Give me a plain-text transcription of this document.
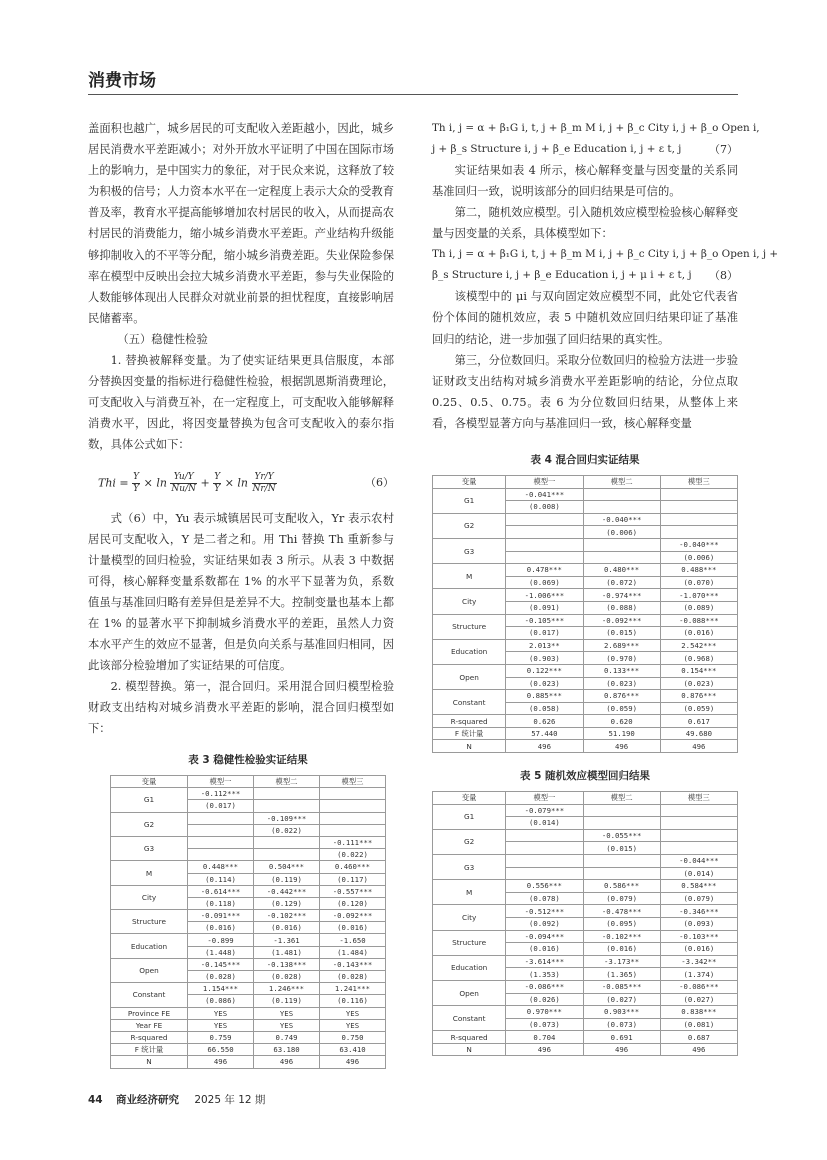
消费市场

盖面积也越广，城乡居民的可支配收入差距越小，因此，城乡居民消费水平差距减小；对外开放水平证明了中国在国际市场上的影响力，是中国实力的象征，对于民众来说，这释放了较为积极的信号；人力资本水平在一定程度上表示大众的受教育普及率，教育水平提高能够增加农村居民的收入，从而提高农村居民的消费能力，缩小城乡消费水平差距。产业结构升级能够抑制收入的不平等分配，缩小城乡消费差距。失业保险参保率在模型中反映出会拉大城乡消费水平差距，参与失业保险的人数能够体现出人民群众对就业前景的担忧程度，直接影响居民储蓄率。

（五）稳健性检验

1. 替换被解释变量。为了使实证结果更具信服度，本部分替换因变量的指标进行稳健性检验，根据凯恩斯消费理论，可支配收入与消费互补，在一定程度上，可支配收入能够解释消费水平，因此，将因变量替换为包含可支配收入的泰尔指数，具体公式如下：

Thi = $\frac{Y}{Y} \times \ln \frac{Yu/Y}{Nu/N} + \frac{Y}{Y} \times \ln \frac{Yr/Y}{Nr/N}$	（6）

式（6）中，Yu 表示城镇居民可支配收入，Yr 表示农村居民可支配收入，Y 是二者之和。用 Thi 替换 Th 重新参与计量模型的回归检验，实证结果如表 3 所示。从表 3 中数据可得，核心解释变量系数都在 1% 的水平下显著为负，系数值虽与基准回归略有差异但是差异不大。控制变量也基本上都在 1% 的显著水平下抑制城乡消费水平的差距，虽然人力资本水平产生的效应不显著，但是负向关系与基准回归相同，因此该部分检验增加了实证结果的可信度。

2. 模型替换。第一，混合回归。采用混合回归模型检验财政支出结构对城乡消费水平差距的影响，混合回归模型如下：

表 3 稳健性检验实证结果
变量	模型一	模型二	模型三
G1	-0.112***		
	(0.017)		
G2		-0.109***	
		(0.022)	
G3			-0.111***
			(0.022)
M	0.448***	0.504***	0.460***
	(0.114)	(0.119)	(0.117)
City	-0.614***	-0.442***	-0.557***
	(0.118)	(0.129)	(0.120)
Structure	-0.091***	-0.102***	-0.092***
	(0.016)	(0.016)	(0.016)
Education	-0.899	-1.361	-1.650
	(1.448)	(1.481)	(1.484)
Open	-0.145***	-0.138***	-0.143***
	(0.028)	(0.028)	(0.028)
Constant	1.154***	1.246***	1.241***
	(0.086)	(0.119)	(0.116)
Province FE	YES	YES	YES
Year FE	YES	YES	YES
R-squared	0.759	0.749	0.750
F 统计量	66.550	63.180	63.410
N	496	496	496
Th i, j = α + β₁G i, t, j + β_m M i, j + β_c City i, j + β_o Open i,
j + β_s Structure i, j + β_e Education i, j + ε t, j	（7）

实证结果如表 4 所示，核心解释变量与因变量的关系同基准回归一致，说明该部分的回归结果是可信的。

第二，随机效应模型。引入随机效应模型检验核心解释变量与因变量的关系，具体模型如下：

Th i, j = α + β₁G i, t, j + β_m M i, j + β_c City i, j + β_o Open i, j +
β_s Structure i, j + β_e Education i, j + μ i + ε t, j	（8）

该模型中的 μi 与双向固定效应模型不同，此处它代表省份个体间的随机效应，表 5 中随机效应回归结果印证了基准回归的结论，进一步加强了回归结果的真实性。

第三，分位数回归。采取分位数回归的检验方法进一步验证财政支出结构对城乡消费水平差距影响的结论，分位点取 0.25、0.5、0.75。表 6 为分位数回归结果，从整体上来看，各模型显著方向与基准回归一致，核心解释变量

表 4 混合回归实证结果
变量	模型一	模型二	模型三
G1	-0.041***		
	(0.008)		
G2		-0.040***	
		(0.006)	
G3			-0.040***
			(0.006)
M	0.478***	0.480***	0.488***
	(0.069)	(0.072)	(0.070)
City	-1.006***	-0.974***	-1.070***
	(0.091)	(0.088)	(0.089)
Structure	-0.105***	-0.092***	-0.088***
	(0.017)	(0.015)	(0.016)
Education	2.013**	2.689***	2.542***
	(0.903)	(0.970)	(0.968)
Open	0.122***	0.133***	0.154***
	(0.023)	(0.023)	(0.023)
Constant	0.885***	0.876***	0.876***
	(0.058)	(0.059)	(0.059)
R-squared	0.626	0.620	0.617
F 统计量	57.440	51.190	49.680
N	496	496	496
表 5 随机效应模型回归结果
变量	模型一	模型二	模型三
G1	-0.079***		
	(0.014)		
G2		-0.055***	
		(0.015)	
G3			-0.044***
			(0.014)
M	0.556***	0.586***	0.584***
	(0.078)	(0.079)	(0.079)
City	-0.512***	-0.478***	-0.346***
	(0.092)	(0.095)	(0.093)
Structure	-0.094***	-0.102***	-0.103***
	(0.016)	(0.016)	(0.016)
Education	-3.614***	-3.173**	-3.342**
	(1.353)	(1.365)	(1.374)
Open	-0.086***	-0.085***	-0.086***
	(0.026)	(0.027)	(0.027)
Constant	0.970***	0.903***	0.838***
	(0.073)	(0.073)	(0.081)
R-squared	0.704	0.691	0.687
N	496	496	496
44 商业经济研究 2025 年 12 期
